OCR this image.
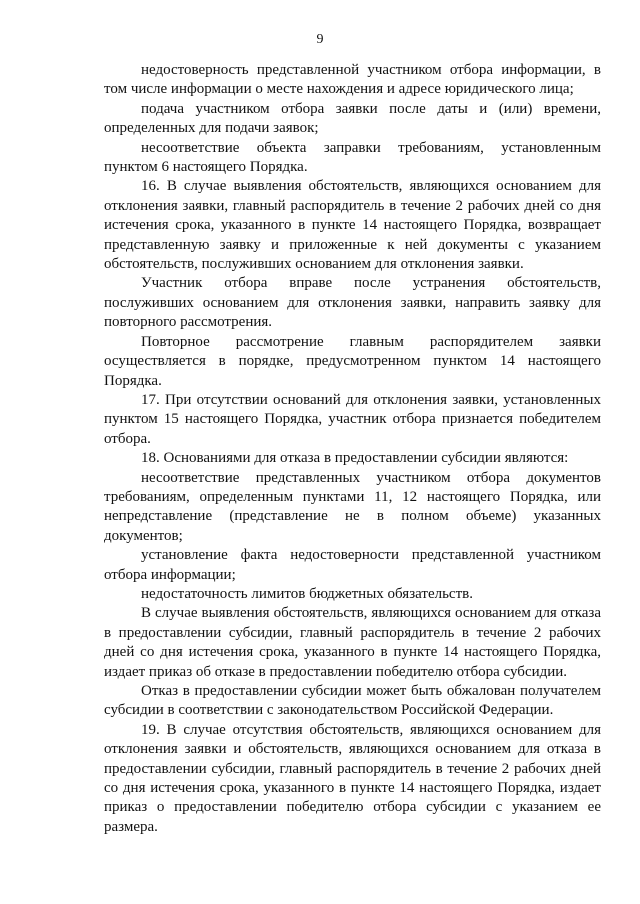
9

недостоверность представленной участником отбора информации, в том числе информации о месте нахождения и адресе юридического лица;

подача участником отбора заявки после даты и (или) времени, определенных для подачи заявок;

несоответствие объекта заправки требованиям, установленным пунктом 6 настоящего Порядка.

16. В случае выявления обстоятельств, являющихся основанием для отклонения заявки, главный распорядитель в течение 2 рабочих дней со дня истечения срока, указанного в пункте 14 настоящего Порядка, возвращает представленную заявку и приложенные к ней документы с указанием обстоятельств, послуживших основанием для отклонения заявки.

Участник отбора вправе после устранения обстоятельств, послуживших основанием для отклонения заявки, направить заявку для повторного рассмотрения.

Повторное рассмотрение главным распорядителем заявки осуществляется в порядке, предусмотренном пунктом 14 настоящего Порядка.

17. При отсутствии оснований для отклонения заявки, установленных пунктом 15 настоящего Порядка, участник отбора признается победителем отбора.

18. Основаниями для отказа в предоставлении субсидии являются:

несоответствие представленных участником отбора документов требованиям, определенным пунктами 11, 12 настоящего Порядка, или непредставление (представление не в полном объеме) указанных документов;

установление факта недостоверности представленной участником отбора информации;

недостаточность лимитов бюджетных обязательств.

В случае выявления обстоятельств, являющихся основанием для отказа в предоставлении субсидии, главный распорядитель в течение 2 рабочих дней со дня истечения срока, указанного в пункте 14 настоящего Порядка, издает приказ об отказе в предоставлении победителю отбора субсидии.

Отказ в предоставлении субсидии может быть обжалован получателем субсидии в соответствии с законодательством Российской Федерации.

19. В случае отсутствия обстоятельств, являющихся основанием для отклонения заявки и обстоятельств, являющихся основанием для отказа в предоставлении субсидии, главный распорядитель в течение 2 рабочих дней со дня истечения срока, указанного в пункте 14 настоящего Порядка, издает приказ о предоставлении победителю отбора субсидии с указанием ее размера.
